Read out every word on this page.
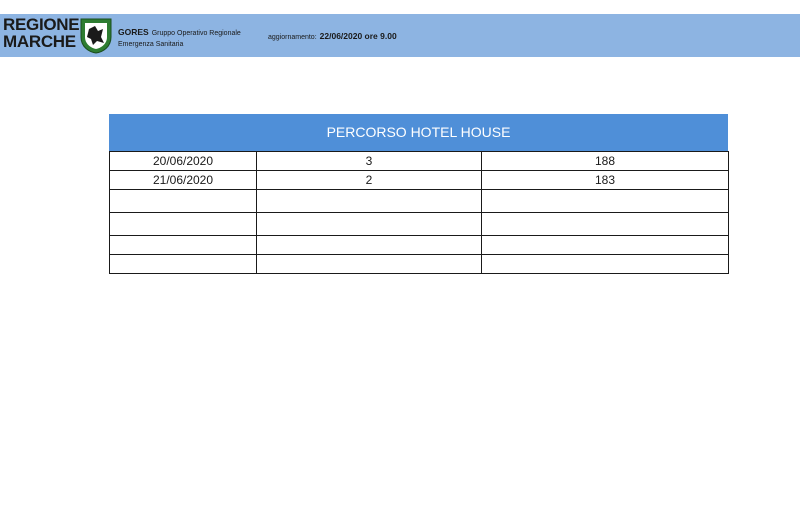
REGIONE
MARCHE	GORES Gruppo Operativo Regionale
Emergenza Sanitaria
aggiornamento: 22/06/2020 ore 9.00
PERCORSO HOTEL HOUSE
20/06/2020	3	188
21/06/2020	2	183
